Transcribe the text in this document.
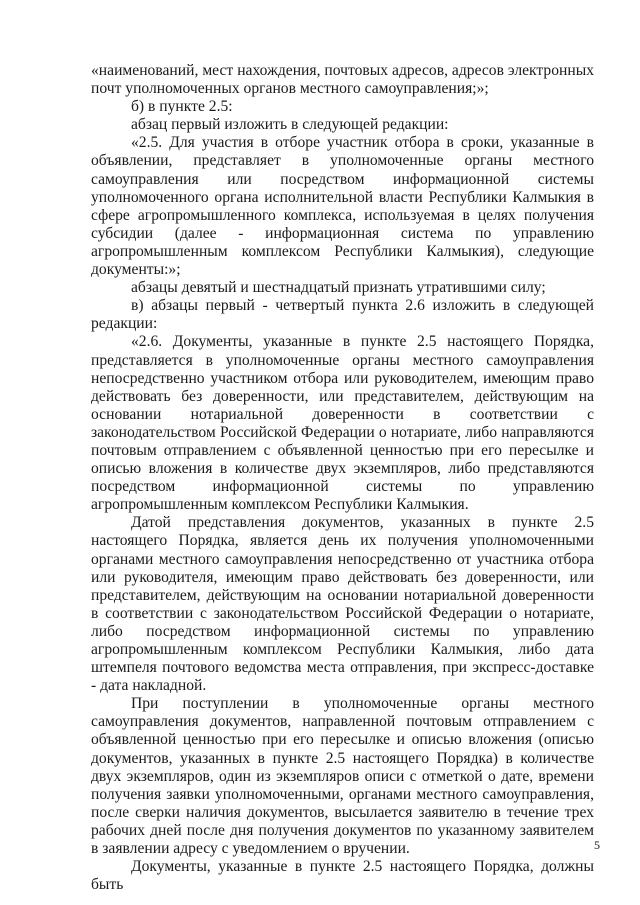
«наименований, мест нахождения, почтовых адресов, адресов электронных почт уполномоченных органов местного самоуправления;»;

б) в пункте 2.5:

абзац первый изложить в следующей редакции:

«2.5. Для участия в отборе участник отбора в сроки, указанные в объявлении, представляет в уполномоченные органы местного самоуправления или посредством информационной системы уполномоченного органа исполнительной власти Республики Калмыкия в сфере агропромышленного комплекса, используемая в целях получения субсидии (далее - информационная система по управлению агропромышленным комплексом Республики Калмыкия), следующие документы:»;

абзацы девятый и шестнадцатый признать утратившими силу;

в) абзацы первый - четвертый пункта 2.6 изложить в следующей редакции:

«2.6. Документы, указанные в пункте 2.5 настоящего Порядка, представляется в уполномоченные органы местного самоуправления непосредственно участником отбора или руководителем, имеющим право действовать без доверенности, или представителем, действующим на основании нотариальной доверенности в соответствии с законодательством Российской Федерации о нотариате, либо направляются почтовым отправлением с объявленной ценностью при его пересылке и описью вложения в количестве двух экземпляров, либо представляются посредством информационной системы по управлению агропромышленным комплексом Республики Калмыкия.

Датой представления документов, указанных в пункте 2.5 настоящего Порядка, является день их получения уполномоченными органами местного самоуправления непосредственно от участника отбора или руководителя, имеющим право действовать без доверенности, или представителем, действующим на основании нотариальной доверенности в соответствии с законодательством Российской Федерации о нотариате, либо посредством информационной системы по управлению агропромышленным комплексом Республики Калмыкия, либо дата штемпеля почтового ведомства места отправления, при экспресс-доставке - дата накладной.

При поступлении в уполномоченные органы местного самоуправления документов, направленной почтовым отправлением с объявленной ценностью при его пересылке и описью вложения (описью документов, указанных в пункте 2.5 настоящего Порядка) в количестве двух экземпляров, один из экземпляров описи с отметкой о дате, времени получения заявки уполномоченными, органами местного самоуправления, после сверки наличия документов, высылается заявителю в течение трех рабочих дней после дня получения документов по указанному заявителем в заявлении адресу с уведомлением о вручении.

Документы, указанные в пункте 2.5 настоящего Порядка, должны быть

5
